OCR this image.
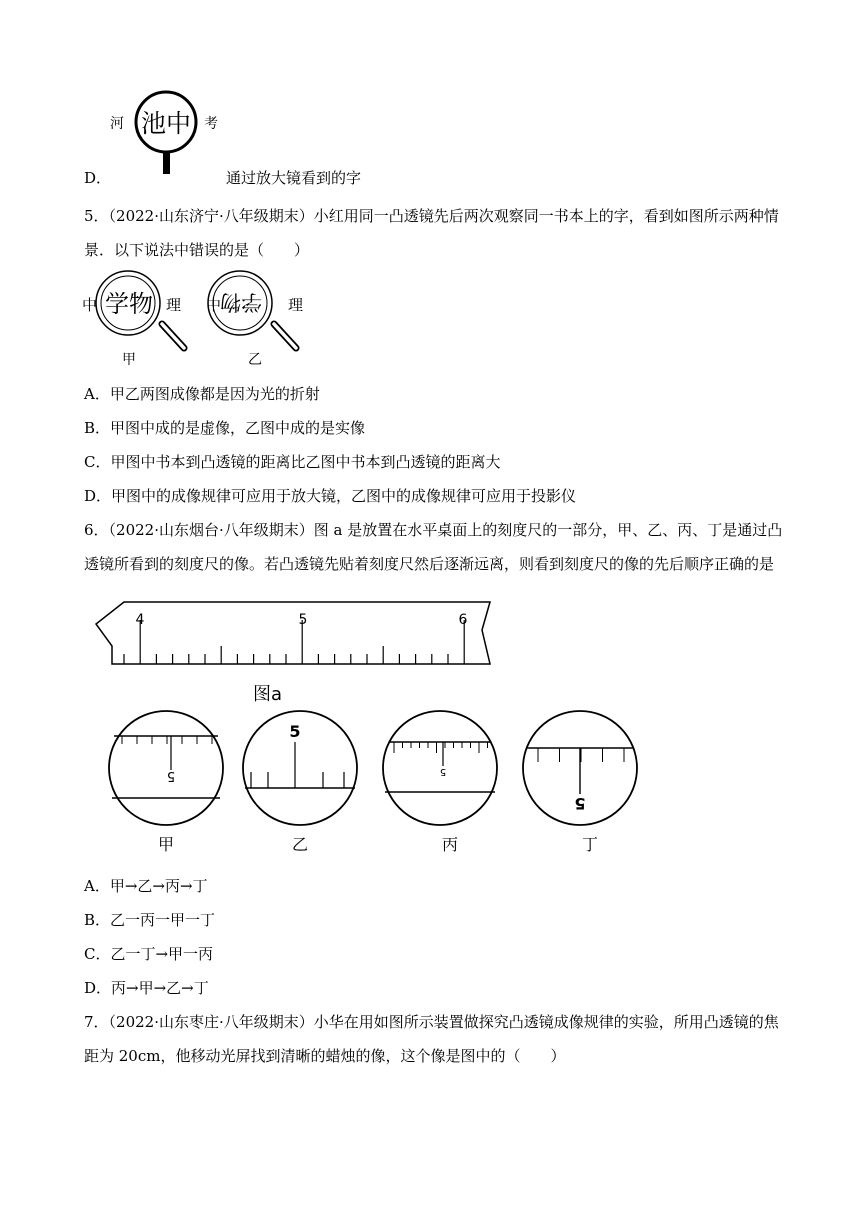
河 池中 考
D．	通过放大镜看到的字
5．（2022·山东济宁·八年级期末）小红用同一凸透镜先后两次观察同一书本上的字，看到如图所示两种情
景．以下说法中错误的是（　　）
中 学物 理
甲
中
学物 理
乙
A．甲乙两图成像都是因为光的折射
B．甲图中成的是虚像，乙图中成的是实像
C．甲图中书本到凸透镜的距离比乙图中书本到凸透镜的距离大
D．甲图中的成像规律可应用于放大镜，乙图中的成像规律可应用于投影仪
6．（2022·山东烟台·八年级期末）图 a 是放置在水平桌面上的刻度尺的一部分，甲、乙、丙、丁是通过凸
透镜所看到的刻度尺的像。若凸透镜先贴着刻度尺然后逐渐远离，则看到刻度尺的像的先后顺序正确的是
4	5	6
图a
5
甲
5
乙
5
丙
5
丁
A．甲→乙→丙→丁
B．乙一丙一甲一丁
C．乙一丁→甲一丙
D．丙→甲→乙→丁
7．（2022·山东枣庄·八年级期末）小华在用如图所示装置做探究凸透镜成像规律的实验，所用凸透镜的焦
距为 20cm，他移动光屏找到清晰的蜡烛的像，这个像是图中的（　　）
